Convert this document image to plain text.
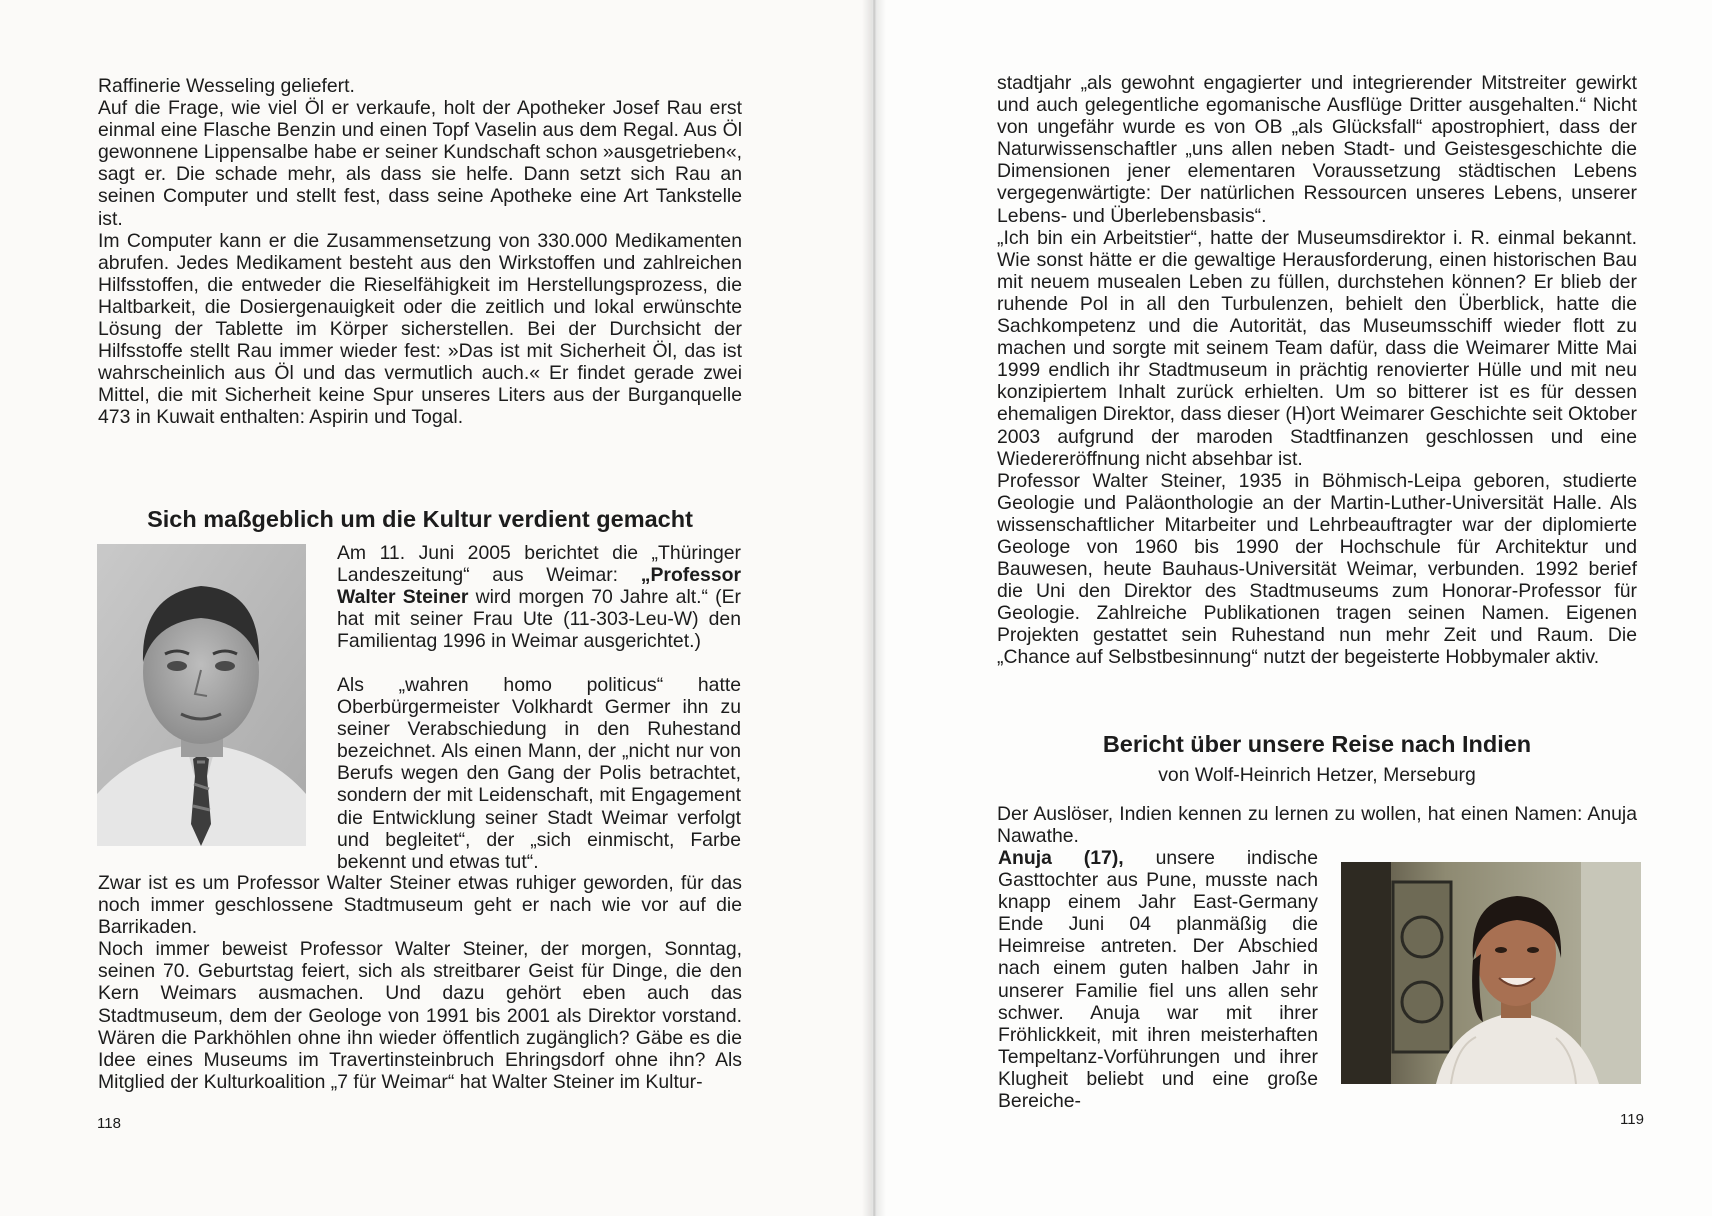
Raffinerie Wesseling geliefert.

Auf die Frage, wie viel Öl er verkaufe, holt der Apotheker Josef Rau erst einmal eine Flasche Benzin und einen Topf Vaselin aus dem Regal. Aus Öl gewonnene Lippensalbe habe er seiner Kundschaft schon »ausgetrieben«, sagt er. Die schade mehr, als dass sie helfe. Dann setzt sich Rau an seinen Computer und stellt fest, dass seine Apotheke eine Art Tankstelle ist.

Im Computer kann er die Zusammensetzung von 330.000 Medikamenten abrufen. Jedes Medikament besteht aus den Wirkstoffen und zahlreichen Hilfsstoffen, die entweder die Rieselfähigkeit im Herstellungsprozess, die Haltbarkeit, die Dosiergenauigkeit oder die zeitlich und lokal erwünschte Lösung der Tablette im Körper sicherstellen. Bei der Durchsicht der Hilfsstoffe stellt Rau immer wieder fest: »Das ist mit Sicherheit Öl, das ist wahrscheinlich aus Öl und das vermutlich auch.« Er findet gerade zwei Mittel, die mit Sicherheit keine Spur unseres Liters aus der Burganquelle 473 in Kuwait enthalten: Aspirin und Togal.

Sich maßgeblich um die Kultur verdient gemacht

Am 11. Juni 2005 berichtet die „Thüringer Landeszeitung“ aus Weimar: „Professor Walter Steiner wird morgen 70 Jahre alt.“ (Er hat mit seiner Frau Ute (11-303-Leu-W) den Familientag 1996 in Weimar ausgerichtet.)

Als „wahren homo politicus“ hatte Oberbürgermeister Volkhardt Germer ihn zu seiner Verabschiedung in den Ruhestand bezeichnet. Als einen Mann, der „nicht nur von Berufs wegen den Gang der Polis betrachtet, sondern der mit Leidenschaft, mit Engagement die Entwicklung seiner Stadt Weimar verfolgt und begleitet“, der „sich einmischt, Farbe bekennt und etwas tut“.

Zwar ist es um Professor Walter Steiner etwas ruhiger geworden, für das noch immer geschlossene Stadtmuseum geht er nach wie vor auf die Barrikaden.

Noch immer beweist Professor Walter Steiner, der morgen, Sonntag, seinen 70. Geburtstag feiert, sich als streitbarer Geist für Dinge, die den Kern Weimars ausmachen. Und dazu gehört eben auch das Stadtmuseum, dem der Geologe von 1991 bis 2001 als Direktor vorstand. Wären die Parkhöhlen ohne ihn wieder öffentlich zugänglich? Gäbe es die Idee eines Museums im Travertinsteinbruch Ehringsdorf ohne ihn? Als Mitglied der Kulturkoalition „7 für Weimar“ hat Walter Steiner im Kultur-

118

stadtjahr „als gewohnt engagierter und integrierender Mitstreiter gewirkt und auch gelegentliche egomanische Ausflüge Dritter ausgehalten.“ Nicht von ungefähr wurde es von OB „als Glücksfall“ apostrophiert, dass der Naturwissenschaftler „uns allen neben Stadt- und Geistesgeschichte die Dimensionen jener elementaren Voraussetzung städtischen Lebens vergegenwärtigte: Der natürlichen Ressourcen unseres Lebens, unserer Lebens- und Überlebensbasis“.

„Ich bin ein Arbeitstier“, hatte der Museumsdirektor i. R. einmal bekannt. Wie sonst hätte er die gewaltige Herausforderung, einen historischen Bau mit neuem musealen Leben zu füllen, durchstehen können? Er blieb der ruhende Pol in all den Turbulenzen, behielt den Überblick, hatte die Sachkompetenz und die Autorität, das Museumsschiff wieder flott zu machen und sorgte mit seinem Team dafür, dass die Weimarer Mitte Mai 1999 endlich ihr Stadtmuseum in prächtig renovierter Hülle und mit neu konzipiertem Inhalt zurück erhielten. Um so bitterer ist es für dessen ehemaligen Direktor, dass dieser (H)ort Weimarer Geschichte seit Oktober 2003 aufgrund der maroden Stadtfinanzen geschlossen und eine Wiedereröffnung nicht absehbar ist.

Professor Walter Steiner, 1935 in Böhmisch-Leipa geboren, studierte Geologie und Paläonthologie an der Martin-Luther-Universität Halle. Als wissenschaftlicher Mitarbeiter und Lehrbeauftragter war der diplomierte Geologe von 1960 bis 1990 der Hochschule für Architektur und Bauwesen, heute Bauhaus-Universität Weimar, verbunden. 1992 berief die Uni den Direktor des Stadtmuseums zum Honorar-Professor für Geologie. Zahlreiche Publikationen tragen seinen Namen. Eigenen Projekten gestattet sein Ruhestand nun mehr Zeit und Raum. Die „Chance auf Selbstbesinnung“ nutzt der begeisterte Hobbymaler aktiv.

Bericht über unsere Reise nach Indien
von Wolf-Heinrich Hetzer, Merseburg

Der Auslöser, Indien kennen zu lernen zu wollen, hat einen Namen: Anuja Nawathe.

Anuja (17), unsere indische Gasttochter aus Pune, musste nach knapp einem Jahr East-Germany Ende Juni 04 planmäßig die Heimreise antreten. Der Abschied nach einem guten halben Jahr in unserer Familie fiel uns allen sehr schwer. Anuja war mit ihrer Fröhlickkeit, mit ihren meisterhaften Tempeltanz-Vorführungen und ihrer Klugheit beliebt und eine große Bereiche-

119
